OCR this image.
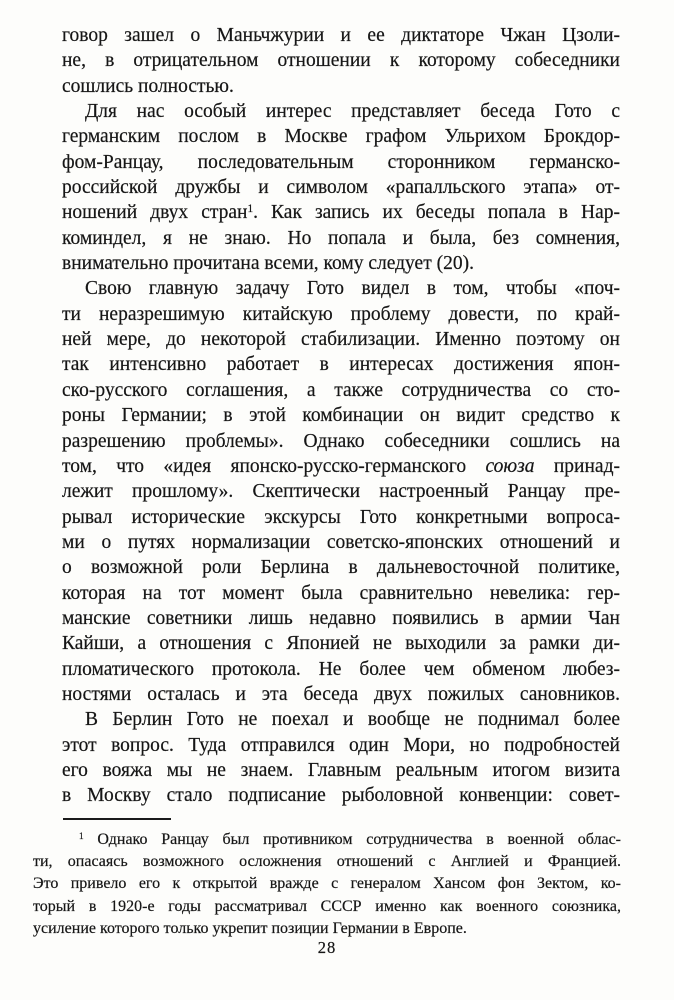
говор зашел о Маньчжурии и ее диктаторе Чжан Цзоли-
не, в отрицательном отношении к которому собеседники
сошлись полностью.
Для нас особый интерес представляет беседа Гото с
германским послом в Москве графом Ульрихом Брокдор-
фом-Ранцау, последовательным сторонником германско-
российской дружбы и символом «рапалльского этапа» от-
ношений двух стран$^1$. Как запись их беседы попала в Нар-
коминдел, я не знаю. Но попала и была, без сомнения,
внимательно прочитана всеми, кому следует (20).
Свою главную задачу Гото видел в том, чтобы «поч-
ти неразрешимую китайскую проблему довести, по край-
ней мере, до некоторой стабилизации. Именно поэтому он
так интенсивно работает в интересах достижения япон-
ско-русского соглашения, а также сотрудничества со сто-
роны Германии; в этой комбинации он видит средство к
разрешению проблемы». Однако собеседники сошлись на
том, что «идея японско-русско-германского союза принад-
лежит прошлому». Скептически настроенный Ранцау пре-
рывал исторические экскурсы Гото конкретными вопроса-
ми о путях нормализации советско-японских отношений и
о возможной роли Берлина в дальневосточной политике,
которая на тот момент была сравнительно невелика: гер-
манские советники лишь недавно появились в армии Чан
Кайши, а отношения с Японией не выходили за рамки ди-
пломатического протокола. Не более чем обменом любез-
ностями осталась и эта беседа двух пожилых сановников.
В Берлин Гото не поехал и вообще не поднимал более
этот вопрос. Туда отправился один Мори, но подробностей
его вояжа мы не знаем. Главным реальным итогом визита
в Москву стало подписание рыболовной конвенции: совет-
$^1$ Однако Ранцау был противником сотрудничества в военной облас-
ти, опасаясь возможного осложнения отношений с Англией и Францией.
Это привело его к открытой вражде с генералом Хансом фон Зектом, ко-
торый в 1920-е годы рассматривал СССР именно как военного союзника,
усиление которого только укрепит позиции Германии в Европе.
28
